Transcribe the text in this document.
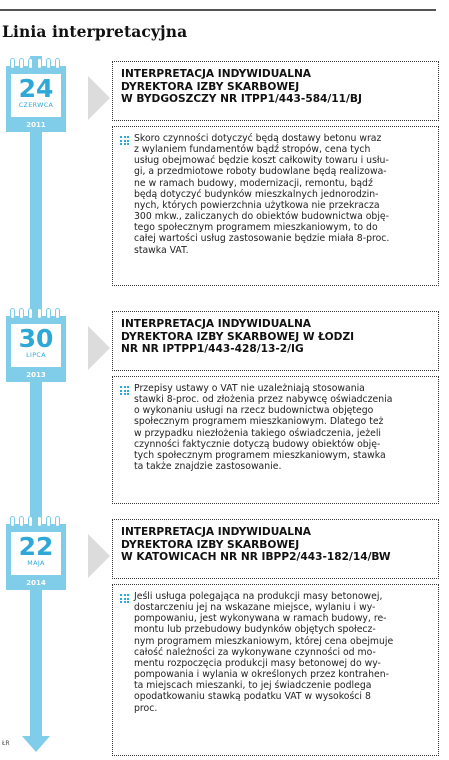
Linia interpretacyjna
ŁR
24
CZERWCA
2011
INTERPRETACJA INDYWIDUALNA
DYREKTORA IZBY SKARBOWEJ
W BYDGOSZCZY NR ITPP1/443-584/11/BJ
Skoro czynności dotyczyć będą dostawy betonu wraz
z wylaniem fundamentów bądź stropów, cena tych
usług obejmować będzie koszt całkowity towaru i usłu-
gi, a przedmiotowe roboty budowlane będą realizowa-
ne w ramach budowy, modernizacji, remontu, bądź
będą dotyczyć budynków mieszkalnych jednorodzin-
nych, których powierzchnia użytkowa nie przekracza
300 mkw., zaliczanych do obiektów budownictwa obję-
tego społecznym programem mieszkaniowym, to do
całej wartości usług zastosowanie będzie miała 8-proc.
stawka VAT.
30
LIPCA
2013
INTERPRETACJA INDYWIDUALNA
DYREKTORA IZBY SKARBOWEJ W ŁODZI
NR NR IPTPP1/443-428/13-2/IG
Przepisy ustawy o VAT nie uzależniają stosowania
stawki 8-proc. od złożenia przez nabywcę oświadczenia
o wykonaniu usługi na rzecz budownictwa objętego
społecznym programem mieszkaniowym. Dlatego też
w przypadku niezłożenia takiego oświadczenia, jeżeli
czynności faktycznie dotyczą budowy obiektów obję-
tych społecznym programem mieszkaniowym, stawka
ta także znajdzie zastosowanie.
22
MAJA
2014
INTERPRETACJA INDYWIDUALNA
DYREKTORA IZBY SKARBOWEJ
W KATOWICACH NR NR IBPP2/443-182/14/BW
Jeśli usługa polegająca na produkcji masy betonowej,
dostarczeniu jej na wskazane miejsce, wylaniu i wy-
pompowaniu, jest wykonywana w ramach budowy, re-
montu lub przebudowy budynków objętych społecz-
nym programem mieszkaniowym, której cena obejmuje
całość należności za wykonywane czynności od mo-
mentu rozpoczęcia produkcji masy betonowej do wy-
pompowania i wylania w określonych przez kontrahen-
ta miejscach mieszanki, to jej świadczenie podlega
opodatkowaniu stawką podatku VAT w wysokości 8
proc.
